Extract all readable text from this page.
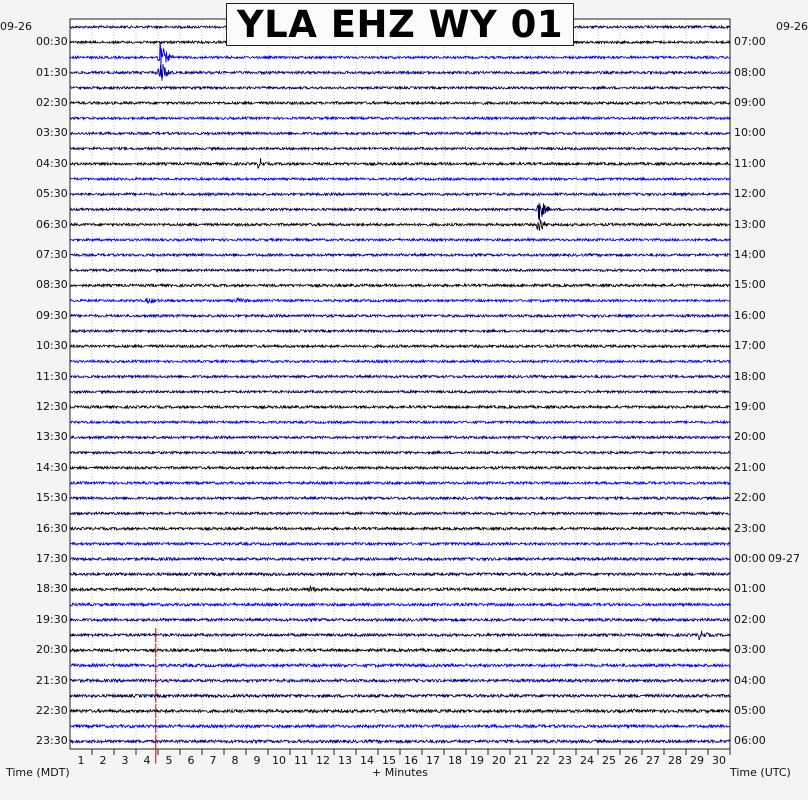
YLA EHZ WY 01
09-26	09-26
00:30
01:30
02:30
03:30
04:30
05:30
06:30
07:30
08:30
09:30
10:30
11:30
12:30
13:30
14:30
15:30
16:30
17:30
18:30
19:30
20:30
21:30
22:30
23:30
07:00
08:00
09:00
10:00
11:00
12:00
13:00
14:00
15:00
16:00
17:00
18:00
19:00
20:00
21:00
22:00
23:00
00:00 09-27
01:00
02:00
03:00
04:00
05:00
06:00
1	2	3	4	5	6	7	8	9	10 11 12 13 14 15 16 17 18 19 20 21 22 23 24 25 26 27 28 29 30
Time (MDT)	+ Minutes	Time (UTC)
